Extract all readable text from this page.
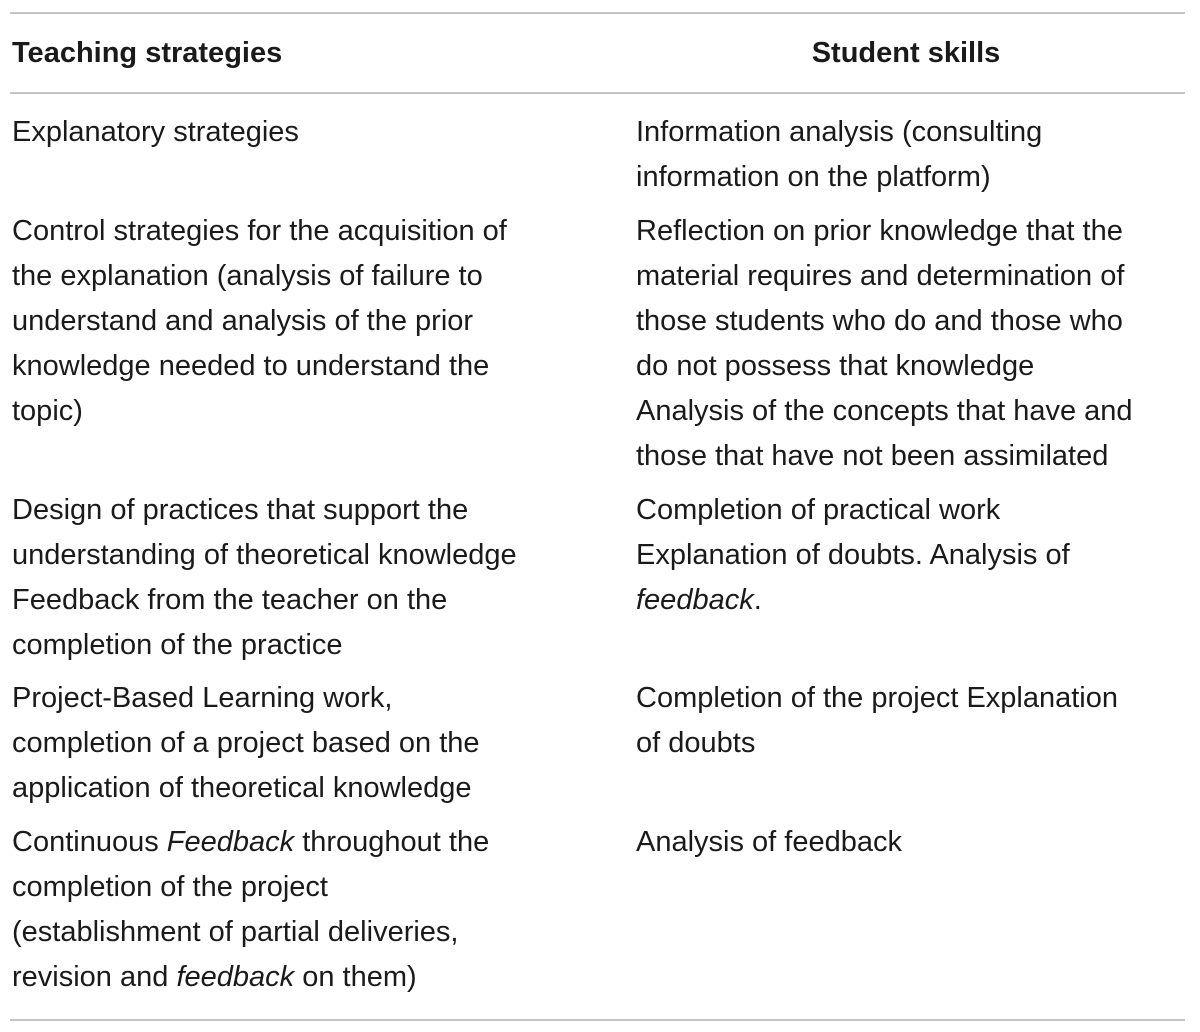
Teaching strategies	Student skills
Explanatory strategies	Information analysis (consulting
information on the platform)
Control strategies for the acquisition of
the explanation (analysis of failure to
understand and analysis of the prior
knowledge needed to understand the
topic)
Reflection on prior knowledge that the
material requires and determination of
those students who do and those who
do not possess that knowledge
Analysis of the concepts that have and
those that have not been assimilated
Design of practices that support the
understanding of theoretical knowledge
Feedback from the teacher on the
completion of the practice
Completion of practical work
Explanation of doubts. Analysis of
feedback.
Project-Based Learning work,
completion of a project based on the
application of theoretical knowledge
Completion of the project Explanation
of doubts
Continuous Feedback throughout the
completion of the project
(establishment of partial deliveries,
revision and feedback on them)
Analysis of feedback
